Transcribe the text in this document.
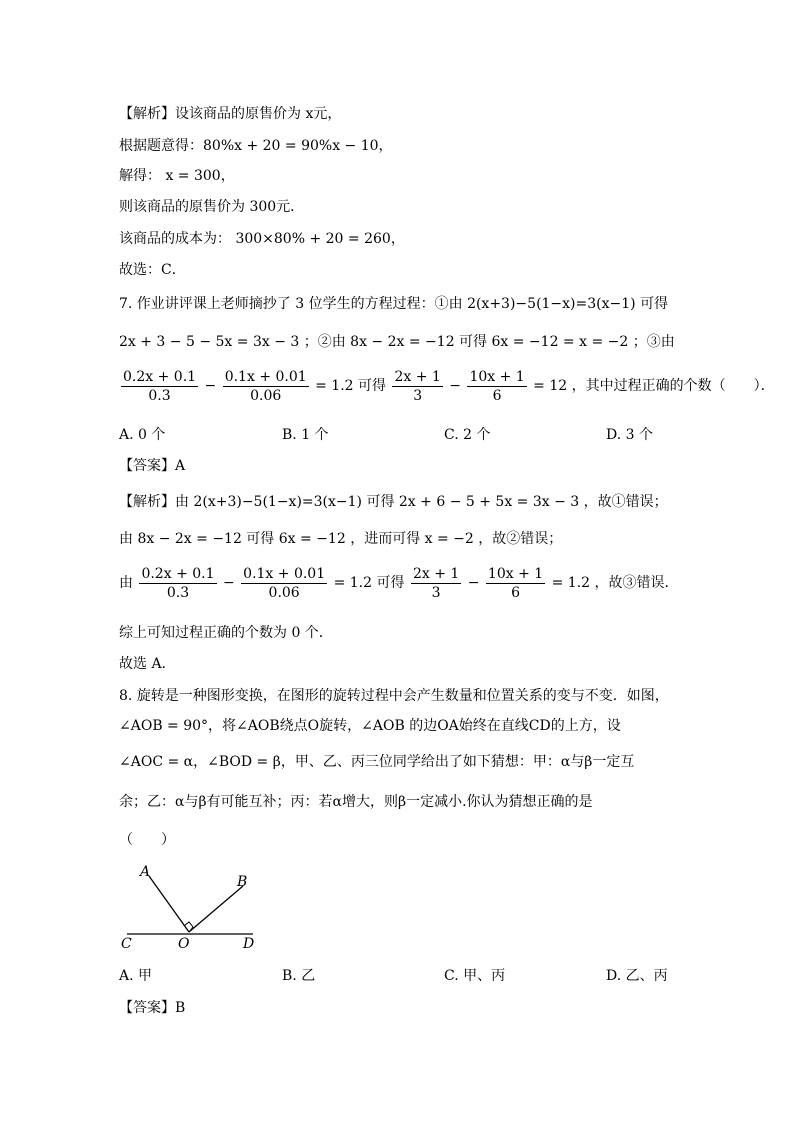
【解析】设该商品的原售价为 x元，
根据题意得：80%x + 20 = 90%x − 10，
解得： x = 300，
则该商品的原售价为 300元．
该商品的成本为： 300×80% + 20 = 260，
故选：C．
7. 作业讲评课上老师摘抄了 3 位学生的方程过程：①由 2(x+3)−5(1−x)=3(x−1) 可得
2x + 3 − 5 − 5x = 3x − 3 ；②由 8x − 2x = −12 可得 6x = −12 = x = −2 ；③由
$\frac{0.2x + 0.1}{0.3} - \frac{0.1x + 0.01}{0.06} = 1.2$ 可得 $\frac{2x + 1}{3} - \frac{10x + 1}{6} = 12$ ，其中过程正确的个数（　　）．
A. 0 个	B. 1 个	C. 2 个	D. 3 个
【答案】A
【解析】由 2(x+3)−5(1−x)=3(x−1) 可得 2x + 6 − 5 + 5x = 3x − 3 ，故①错误；
由 8x − 2x = −12 可得 6x = −12 ，进而可得 x = −2 ，故②错误；
由 $\frac{0.2x + 0.1}{0.3} - \frac{0.1x + 0.01}{0.06} = 1.2$ 可得 $\frac{2x + 1}{3} - \frac{10x + 1}{6} = 1.2$ ，故③错误．
综上可知过程正确的个数为 0 个．
故选 A．
8. 旋转是一种图形变换，在图形的旋转过程中会产生数量和位置关系的变与不变．如图，
∠AOB = 90°，将∠AOB绕点O旋转，∠AOB 的边OA始终在直线CD的上方，设
∠AOC = α，∠BOD = β，甲、乙、丙三位同学给出了如下猜想：甲：α与β一定互
余；乙：α与β有可能互补；丙：若α增大，则β一定减小.你认为猜想正确的是
（　　）
A
B
C	O	D
A. 甲	B. 乙	C. 甲、丙	D. 乙、丙
【答案】B
